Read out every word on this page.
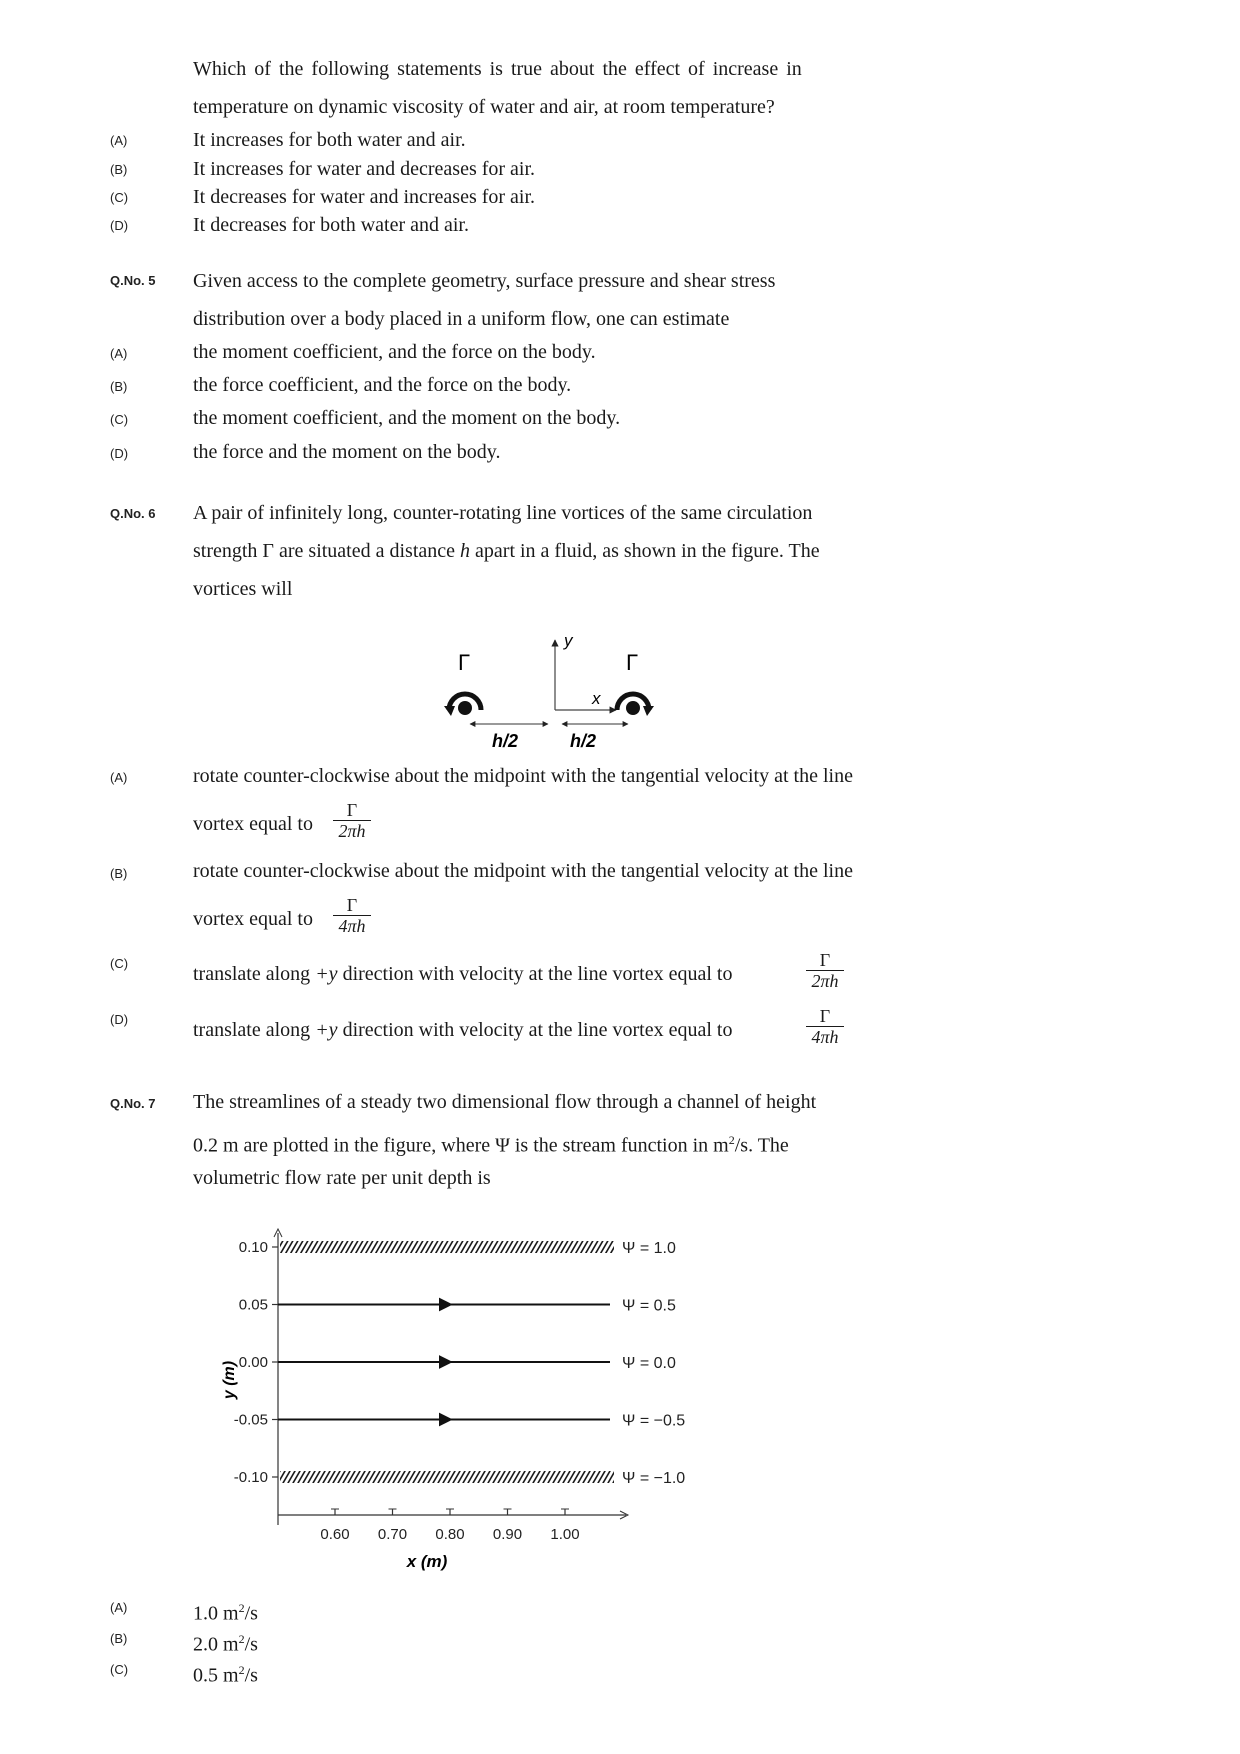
Which of the following statements is true about the effect of increase in
temperature on dynamic viscosity of water and air, at room temperature?
(A)	It increases for both water and air.
(B)	It increases for water and decreases for air.
(C)	It decreases for water and increases for air.
(D)	It decreases for both water and air.
Q.No. 5 Given access to the complete geometry, surface pressure and shear stress
distribution over a body placed in a uniform flow, one can estimate
(A)	the moment coefficient, and the force on the body.
(B)	the force coefficient, and the force on the body.
(C)	the moment coefficient, and the moment on the body.
(D)	the force and the moment on the body.
Q.No. 6 A pair of infinitely long, counter-rotating line vortices of the same circulation
strength Γ are situated a distance h apart in a fluid, as shown in the figure. The
vortices will
y
x
Γ	Γ
h/2	h/2
(A)	rotate counter-clockwise about the midpoint with the tangential velocity at the line
vortex equal to
Γ
2πh
(B)	rotate counter-clockwise about the midpoint with the tangential velocity at the line
vortex equal to
Γ
4πh
(C)	translate along +y direction with velocity at the line vortex equal to
Γ
2πh
(D)	translate along +y direction with velocity at the line vortex equal to
Γ
4πh
Q.No. 7 The streamlines of a steady two dimensional flow through a channel of height
0.2 m are plotted in the figure, where Ψ is the stream function in $m^2/s$. The
volumetric flow rate per unit depth is
y (m)
x (m)
0.10
0.05
0.00
-0.05
-0.10
0.60 0.70 0.80 0.90 1.00
Ψ = 1.0
Ψ = 0.5
Ψ = 0.0
Ψ = −0.5
Ψ = −1.0
(A)	1.0 $m^2/s$
(B)	2.0 $m^2/s$
(C)	0.5 $m^2/s$
